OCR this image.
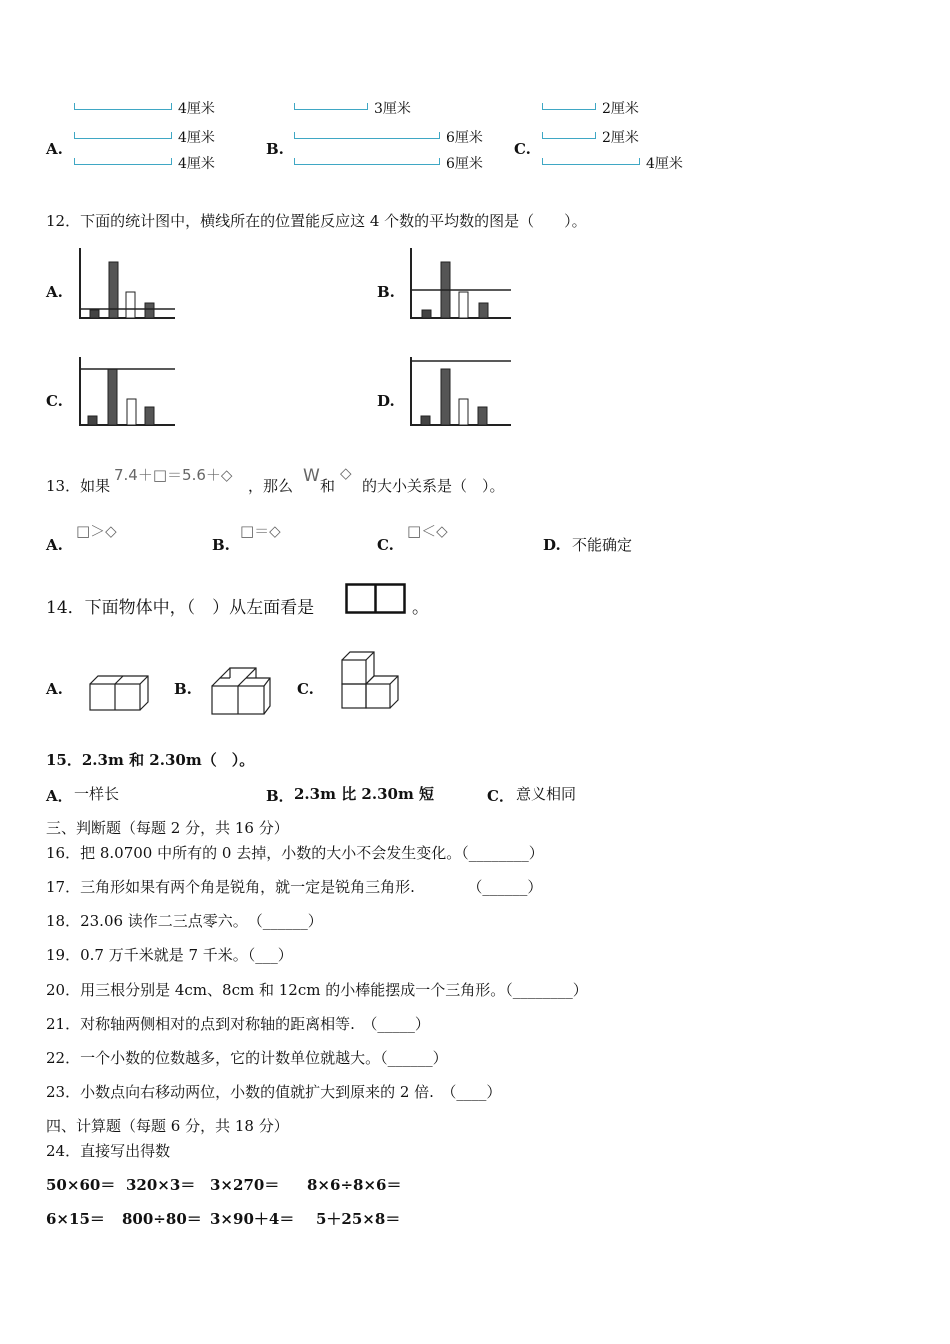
A.
4厘米
4厘米
4厘米
B.
3厘米
6厘米
6厘米
C.
2厘米
2厘米
4厘米
12．下面的统计图中，横线所在的位置能反应这 4 个数的平均数的图是（　　）。
A.	B.
C.	D.
13．如果
7.4＋□＝5.6＋◇
，那么 W 和
◇
的大小关系是（　）。
A.
□＞◇
B.
□＝◇
C.
□＜◇
D. 不能确定
14．下面物体中，（　）从左面看是	。
A.	B.	C.
15．2.3m 和 2.30m（　）。
A． 一样长	B． 2.3m 比 2.30m 短	C． 意义相同
三、判断题（每题 2 分，共 16 分）
16．把 8.0700 中所有的 0 去掉，小数的大小不会发生变化。（________）
17．三角形如果有两个角是锐角，就一定是锐角三角形.　　　　（______）
18．23.06 读作二三点零六。　（______）
19．0.7 万千米就是 7 千米。（___）
20．用三根分别是 4cm、8cm 和 12cm 的小棒能摆成一个三角形。（________）
21．对称轴两侧相对的点到对称轴的距离相等.　（_____）
22．一个小数的位数越多，它的计数单位就越大。（______）
23．小数点向右移动两位，小数的值就扩大到原来的 2 倍.　（____）
四、计算题（每题 6 分，共 18 分）
24．直接写出得数
50×60＝ 320×3＝ 3×270＝ 8×6÷8×6＝
6×15＝ 800÷80＝ 3×90＋4＝ 5＋25×8＝
